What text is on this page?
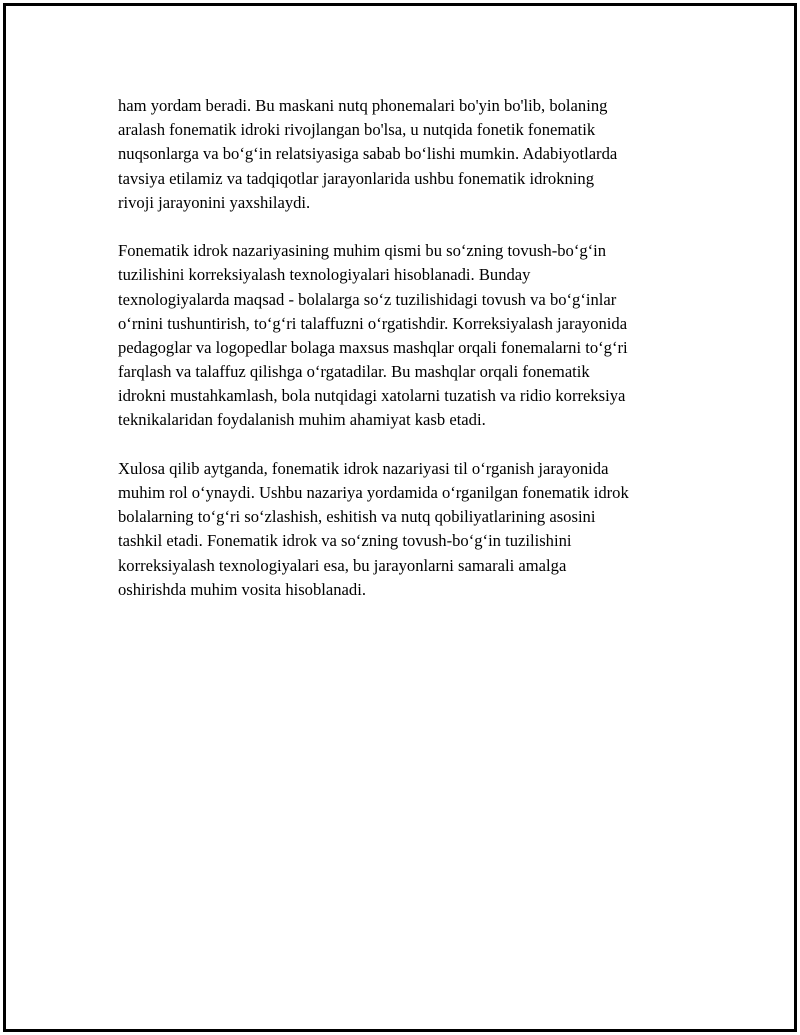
ham yordam beradi. Bu maskani nutq phonemalari bo'yin bo'lib, bolaning
aralash fonematik idroki rivojlangan bo'lsa, u nutqida fonetik fonematik
nuqsonlarga va bo‘g‘in relatsiyasiga sabab bo‘lishi mumkin. Adabiyotlarda
tavsiya etilamiz va tadqiqotlar jarayonlarida ushbu fonematik idrokning
rivoji jarayonini yaxshilaydi.

Fonematik idrok nazariyasining muhim qismi bu so‘zning tovush-bo‘g‘in
tuzilishini korreksiyalash texnologiyalari hisoblanadi. Bunday
texnologiyalarda maqsad - bolalarga so‘z tuzilishidagi tovush va bo‘g‘inlar
o‘rnini tushuntirish, to‘g‘ri talaffuzni o‘rgatishdir. Korreksiyalash jarayonida
pedagoglar va logopedlar bolaga maxsus mashqlar orqali fonemalarni to‘g‘ri
farqlash va talaffuz qilishga o‘rgatadilar. Bu mashqlar orqali fonematik
idrokni mustahkamlash, bola nutqidagi xatolarni tuzatish va ridio korreksiya
teknikalaridan foydalanish muhim ahamiyat kasb etadi.

Xulosa qilib aytganda, fonematik idrok nazariyasi til o‘rganish jarayonida
muhim rol o‘ynaydi. Ushbu nazariya yordamida o‘rganilgan fonematik idrok
bolalarning to‘g‘ri so‘zlashish, eshitish va nutq qobiliyatlarining asosini
tashkil etadi. Fonematik idrok va so‘zning tovush-bo‘g‘in tuzilishini
korreksiyalash texnologiyalari esa, bu jarayonlarni samarali amalga
oshirishda muhim vosita hisoblanadi.
